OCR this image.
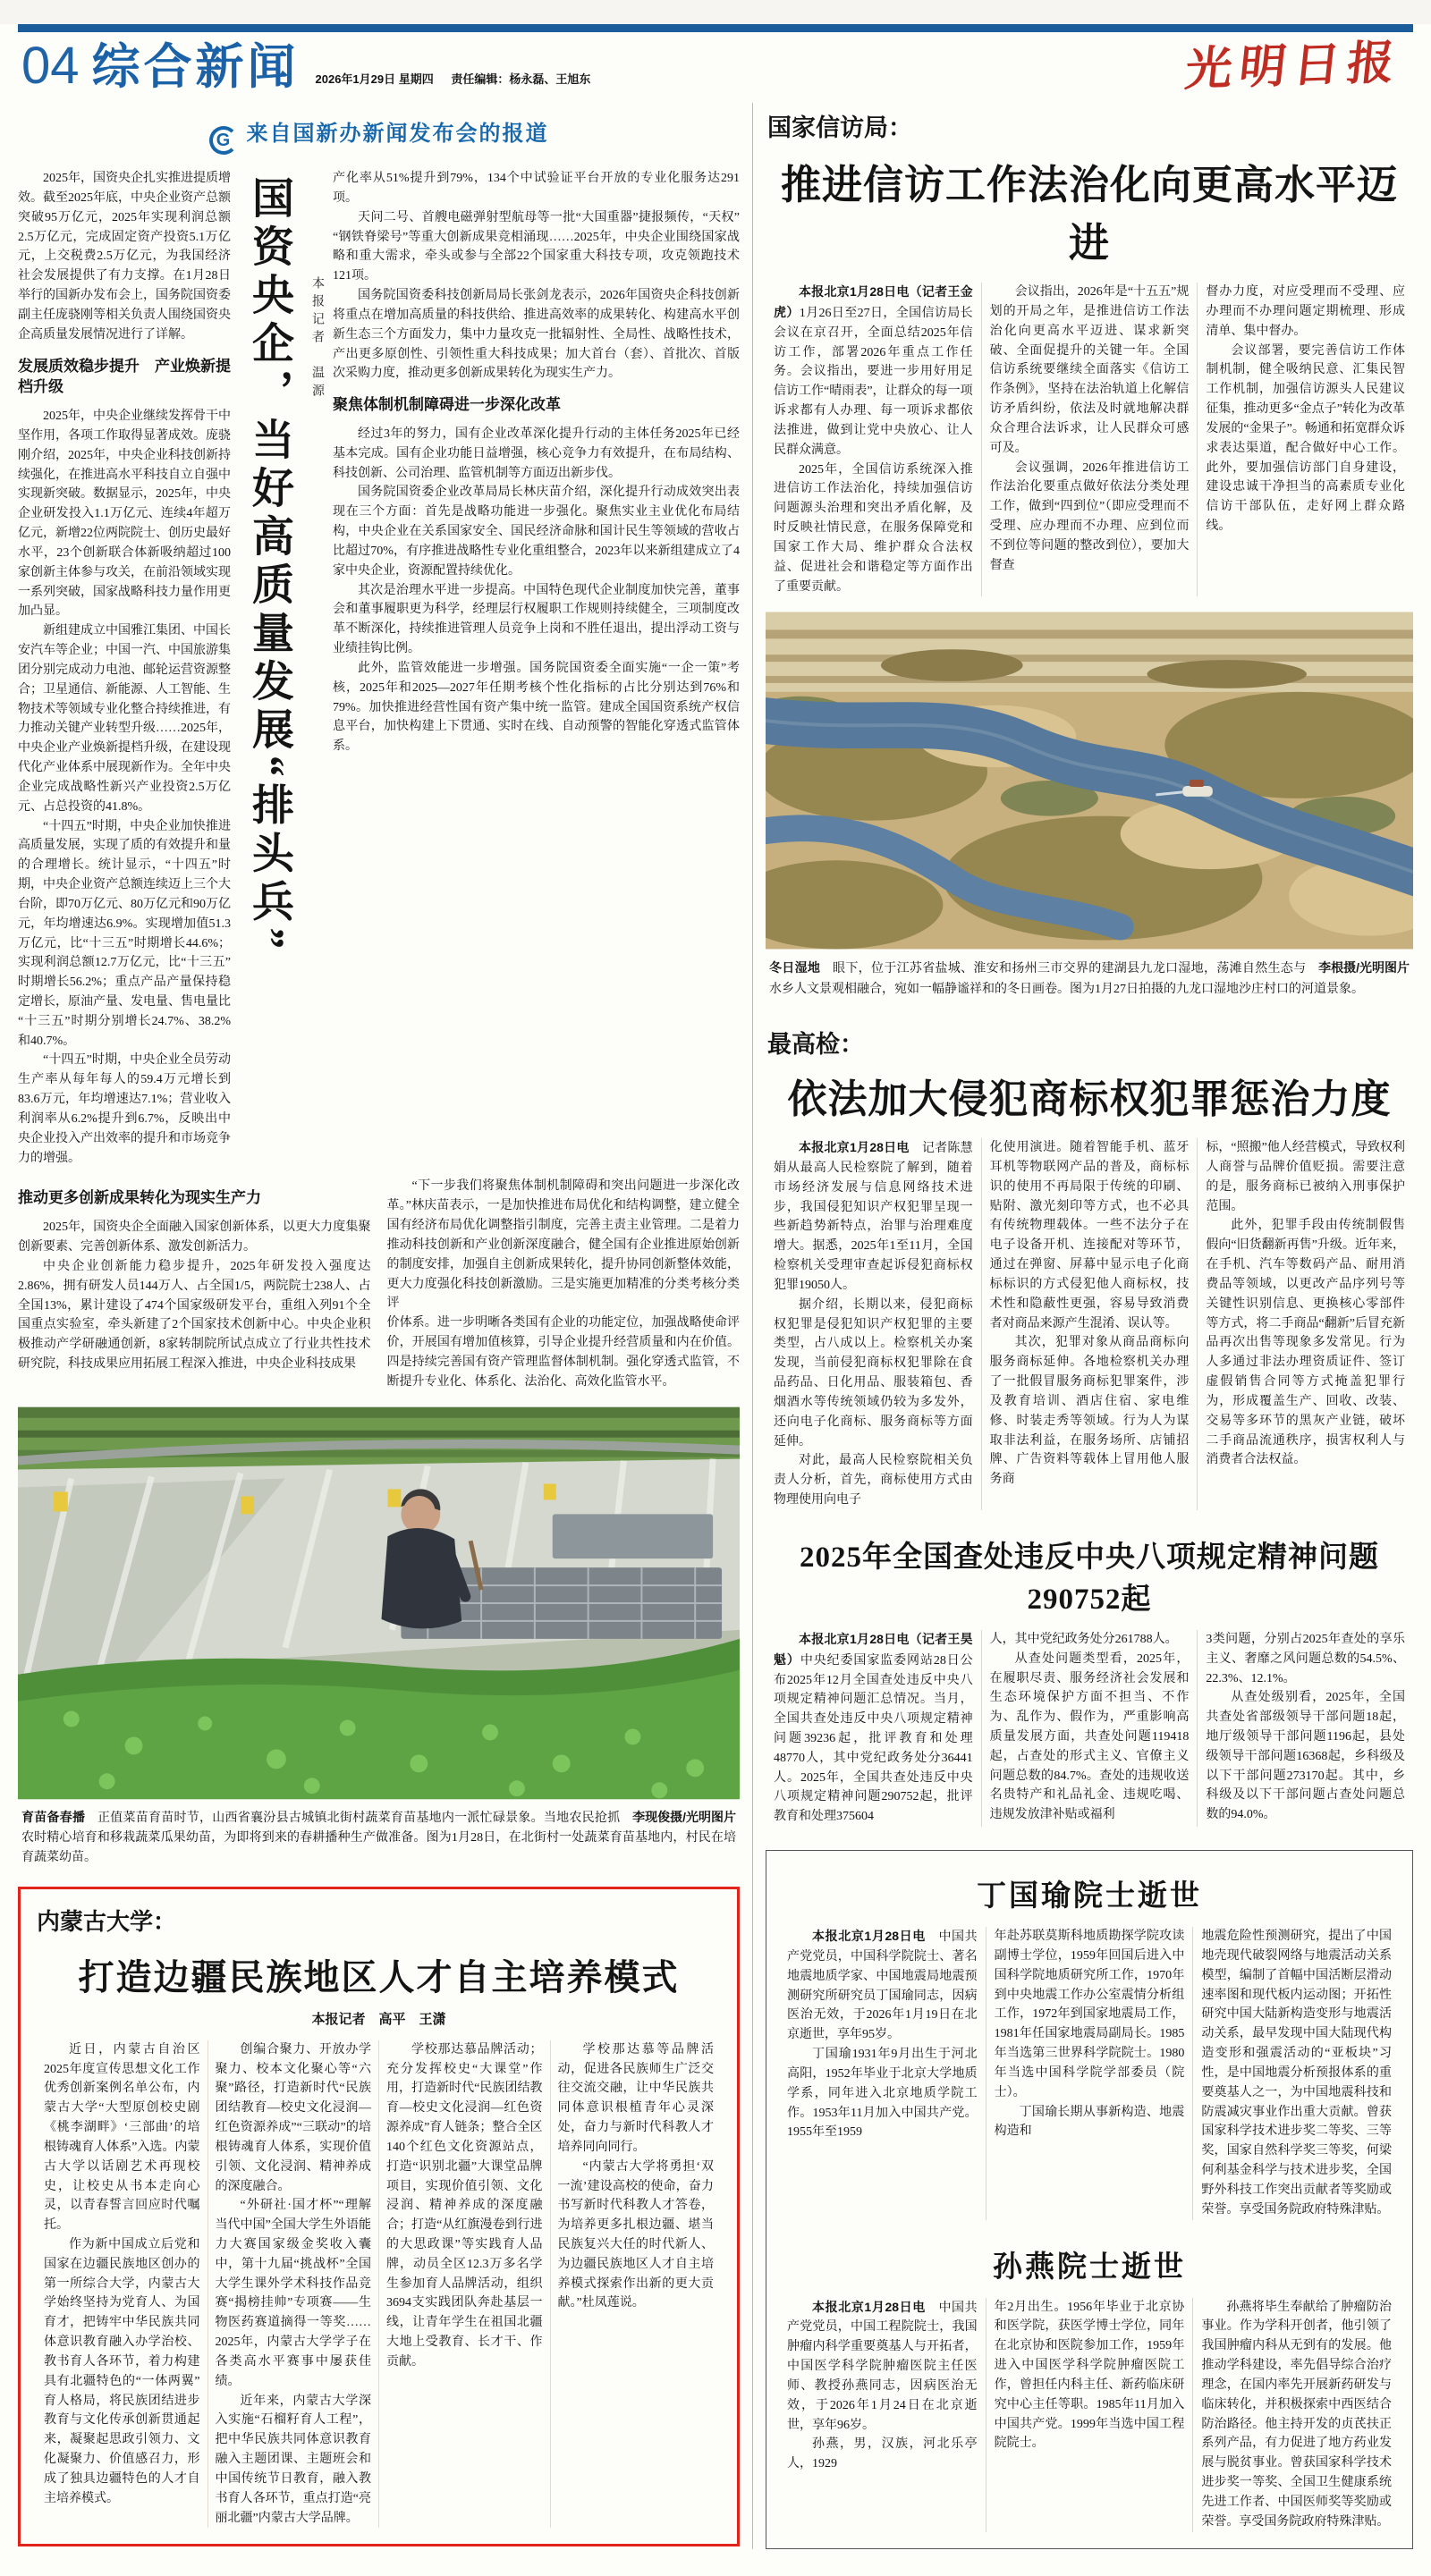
04 综合新闻 2026年1月29日 星期四 责任编辑：杨永磊、王旭东	光明日报
G 来自国新办新闻发布会的报道

2025年，国资央企扎实推进提质增效。截至2025年底，中央企业资产总额突破95万亿元，2025年实现利润总额2.5万亿元，完成固定资产投资5.1万亿元，上交税费2.5万亿元，为我国经济社会发展提供了有力支撑。在1月28日举行的国新办发布会上，国务院国资委副主任庞骁刚等相关负责人围绕国资央企高质量发展情况进行了详解。

发展质效稳步提升　产业焕新提档升级

2025年，中央企业继续发挥骨干中坚作用，各项工作取得显著成效。庞骁刚介绍，2025年，中央企业科技创新持续强化，在推进高水平科技自立自强中实现新突破。数据显示，2025年，中央企业研发投入1.1万亿元、连续4年超万亿元，新增22位两院院士、创历史最好水平，23个创新联合体新吸纳超过100家创新主体参与攻关，在前沿领域实现一系列突破，国家战略科技力量作用更加凸显。

新组建成立中国雅江集团、中国长安汽车等企业；中国一汽、中国旅游集团分别完成动力电池、邮轮运营资源整合；卫星通信、新能源、人工智能、生物技术等领域专业化整合持续推进，有力推动关键产业转型升级……2025年，中央企业产业焕新提档升级，在建设现代化产业体系中展现新作为。全年中央企业完成战略性新兴产业投资2.5万亿元、占总投资的41.8%。

“十四五”时期，中央企业加快推进高质量发展，实现了质的有效提升和量的合理增长。统计显示，“十四五”时期，中央企业资产总额连续迈上三个大台阶，即70万亿元、80万亿元和90万亿元，年均增速达6.9%。实现增加值51.3万亿元，比“十三五”时期增长44.6%；实现利润总额12.7万亿元，比“十三五”时期增长56.2%；重点产品产量保持稳定增长，原油产量、发电量、售电量比“十三五”时期分别增长24.7%、38.2%和40.7%。

“十四五”时期，中央企业全员劳动生产率从每年每人的59.4万元增长到83.6万元，年均增速达7.1%；营业收入利润率从6.2%提升到6.7%，反映出中央企业投入产出效率的提升和市场竞争力的增强。

国资央企，当好高质量发展“排头兵”	本报记者　温源

产化率从51%提升到79%，134个中试验证平台开放的专业化服务达291项。

天问二号、首艘电磁弹射型航母等一批“大国重器”捷报频传，“天权”“钢铁脊梁号”等重大创新成果竞相涌现……2025年，中央企业围绕国家战略和重大需求，牵头或参与全部22个国家重大科技专项，攻克领跑技术121项。

国务院国资委科技创新局局长张剑龙表示，2026年国资央企科技创新将重点在增加高质量的科技供给、推进高效率的成果转化、构建高水平创新生态三个方面发力，集中力量攻克一批辐射性、全局性、战略性技术，产出更多原创性、引领性重大科技成果；加大首台（套）、首批次、首版次采购力度，推动更多创新成果转化为现实生产力。

聚焦体制机制障碍进一步深化改革

经过3年的努力，国有企业改革深化提升行动的主体任务2025年已经基本完成。国有企业功能日益增强，核心竞争力有效提升，在布局结构、科技创新、公司治理、监管机制等方面迈出新步伐。

国务院国资委企业改革局局长林庆苗介绍，深化提升行动成效突出表现在三个方面：首先是战略功能进一步强化。聚焦实业主业优化布局结构，中央企业在关系国家安全、国民经济命脉和国计民生等领域的营收占比超过70%，有序推进战略性专业化重组整合，2023年以来新组建成立了4家中央企业，资源配置持续优化。

其次是治理水平进一步提高。中国特色现代企业制度加快完善，董事会和董事履职更为科学，经理层行权履职工作规则持续健全，三项制度改革不断深化，持续推进管理人员竞争上岗和不胜任退出，提出浮动工资与业绩挂钩比例。

此外，监管效能进一步增强。国务院国资委全面实施“一企一策”考核，2025年和2025—2027年任期考核个性化指标的占比分别达到76%和79%。加快推进经营性国有资产集中统一监管。建成全国国资系统产权信息平台，加快构建上下贯通、实时在线、自动预警的智能化穿透式监管体系。

推动更多创新成果转化为现实生产力

2025年，国资央企全面融入国家创新体系，以更大力度集聚创新要素、完善创新体系、激发创新活力。

中央企业创新能力稳步提升，2025年研发投入强度达2.86%，拥有研发人员144万人、占全国1/5，两院院士238人、占全国13%，累计建设了474个国家级研发平台，重组入列91个全国重点实验室，牵头新建了2个国家技术创新中心。中央企业积极推动产学研融通创新，8家转制院所试点成立了行业共性技术研究院，科技成果应用拓展工程深入推进，中央企业科技成果

“下一步我们将聚焦体制机制障碍和突出问题进一步深化改革。”林庆苗表示，一是加快推进布局优化和结构调整，建立健全国有经济布局优化调整指引制度，完善主责主业管理。二是着力推动科技创新和产业创新深度融合，健全国有企业推进原始创新的制度安排，加强自主创新成果转化，提升协同创新整体效能，更大力度强化科技创新激励。三是实施更加精准的分类考核分类评

价体系。进一步明晰各类国有企业的功能定位，加强战略使命评价，开展国有增加值核算，引导企业提升经营质量和内在价值。四是持续完善国有资产管理监督体制机制。强化穿透式监管，不断提升专业化、体系化、法治化、高效化监管水平。

李现俊摄/光明图片
育苗备春播 正值菜苗育苗时节，山西省襄汾县古城镇北街村蔬菜育苗基地内一派忙碌景象。当地农民抢抓农时精心培育和移栽蔬菜瓜果幼苗，为即将到来的春耕播种生产做准备。图为1月28日，在北街村一处蔬菜育苗基地内，村民在培育蔬菜幼苗。
内蒙古大学：
打造边疆民族地区人才自主培养模式
本报记者　高平　王潇

近日，内蒙古自治区2025年度宣传思想文化工作优秀创新案例名单公布，内蒙古大学“大型原创校史剧《桃李湖畔》‘三部曲’的培根铸魂育人体系”入选。内蒙古大学以话剧艺术再现校史，让校史从书本走向心灵，以青春誓言回应时代嘱托。

作为新中国成立后党和国家在边疆民族地区创办的第一所综合大学，内蒙古大学始终坚持为党育人、为国育才，把铸牢中华民族共同体意识教育融入办学治校、教书育人各环节，着力构建具有北疆特色的“一体两翼”育人格局，将民族团结进步教育与文化传承创新贯通起来，凝聚起思政引领力、文化凝聚力、价值感召力，形成了独具边疆特色的人才自主培养模式。

创编合聚力、开放办学聚力、校本文化聚心等“六聚”路径，打造新时代“民族团结教育—校史文化浸润—红色资源养成”“三联动”的培根铸魂育人体系，实现价值引领、文化浸润、精神养成的深度融合。

“外研社·国才杯”“理解当代中国”全国大学生外语能力大赛国家级金奖收入囊中，第十九届“挑战杯”全国大学生课外学术科技作品竞赛“揭榜挂帅”专项赛——生物医药赛道摘得一等奖……2025年，内蒙古大学学子在各类高水平赛事中屡获佳绩。

近年来，内蒙古大学深入实施“石榴籽育人工程”，把中华民族共同体意识教育融入主题团课、主题班会和中国传统节日教育，融入教书育人各环节，重点打造“亮丽北疆”内蒙古大学品牌。

学校那达慕品牌活动；充分发挥校史“大课堂”作用，打造新时代“民族团结教育—校史文化浸润—红色资源养成”育人链条；整合全区140个红色文化资源站点，打造“识别北疆”大课堂品牌项目，实现价值引领、文化浸润、精神养成的深度融合；打造“从红旗漫卷到行进的大思政课”等实践育人品牌，动员全区12.3万多名学生参加育人品牌活动，组织3694支实践团队奔赴基层一线，让青年学生在祖国北疆大地上受教育、长才干、作贡献。

学校那达慕等品牌活动，促进各民族师生广泛交往交流交融，让中华民族共同体意识根植青年心灵深处，奋力与新时代科教人才培养同向同行。

“内蒙古大学将勇担‘双一流’建设高校的使命，奋力书写新时代科教人才答卷，为培养更多扎根边疆、堪当民族复兴大任的时代新人、为边疆民族地区人才自主培养模式探索作出新的更大贡献。”杜凤莲说。

国家信访局：
推进信访工作法治化向更高水平迈进

本报北京1月28日电（记者王金虎）1月26日至27日，全国信访局长会议在京召开，全面总结2025年信访工作，部署2026年重点工作任务。会议指出，要进一步用好用足信访工作“晴雨表”，让群众的每一项诉求都有人办理、每一项诉求都依法推进，做到让党中央放心、让人民群众满意。

2025年，全国信访系统深入推进信访工作法治化，持续加强信访问题源头治理和突出矛盾化解，及时反映社情民意，在服务保障党和国家工作大局、维护群众合法权益、促进社会和谐稳定等方面作出了重要贡献。

会议指出，2026年是“十五五”规划的开局之年，是推进信访工作法治化向更高水平迈进、谋求新突破、全面促提升的关键一年。全国信访系统要继续全面落实《信访工作条例》，坚持在法治轨道上化解信访矛盾纠纷，依法及时就地解决群众合理合法诉求，让人民群众可感可及。

会议强调，2026年推进信访工作法治化要重点做好依法分类处理工作，做到“四到位”（即应受理而不受理、应办理而不办理、应到位而不到位等问题的整改到位），要加大督查

督办力度，对应受理而不受理、应办理而不办理问题定期梳理、形成清单、集中督办。

会议部署，要完善信访工作体制机制，健全吸纳民意、汇集民智工作机制，加强信访源头人民建议征集，推动更多“金点子”转化为改革发展的“金果子”。畅通和拓宽群众诉求表达渠道，配合做好中心工作。此外，要加强信访部门自身建设，建设忠诚干净担当的高素质专业化信访干部队伍，走好网上群众路线。

李根摄/光明图片
冬日湿地 眼下，位于江苏省盐城、淮安和扬州三市交界的建湖县九龙口湿地，荡滩自然生态与水乡人文景观相融合，宛如一幅静谧祥和的冬日画卷。图为1月27日拍摄的九龙口湿地沙庄村口的河道景象。
最高检：
依法加大侵犯商标权犯罪惩治力度

本报北京1月28日电　记者陈慧娟从最高人民检察院了解到，随着市场经济发展与信息网络技术进步，我国侵犯知识产权犯罪呈现一些新趋势新特点，治罪与治理难度增大。据悉，2025年1至11月，全国检察机关受理审查起诉侵犯商标权犯罪19050人。

据介绍，长期以来，侵犯商标权犯罪是侵犯知识产权犯罪的主要类型，占八成以上。检察机关办案发现，当前侵犯商标权犯罪除在食品药品、日化用品、服装箱包、香烟酒水等传统领域仍较为多发外，还向电子化商标、服务商标等方面延伸。

对此，最高人民检察院相关负责人分析，首先，商标使用方式由物理使用向电子

化使用演进。随着智能手机、蓝牙耳机等物联网产品的普及，商标标识的使用不再局限于传统的印刷、贴附、激光刻印等方式，也不必具有传统物理载体。一些不法分子在电子设备开机、连接配对等环节，通过在弹窗、屏幕中显示电子化商标标识的方式侵犯他人商标权，技术性和隐蔽性更强，容易导致消费者对商品来源产生混淆、误认等。

其次，犯罪对象从商品商标向服务商标延伸。各地检察机关办理了一批假冒服务商标犯罪案件，涉及教育培训、酒店住宿、家电维修、时装走秀等领域。行为人为谋取非法利益，在服务场所、店铺招牌、广告资料等载体上冒用他人服务商

标，“照搬”他人经营模式，导致权利人商誉与品牌价值贬损。需要注意的是，服务商标已被纳入刑事保护范围。

此外，犯罪手段由传统制假售假向“旧货翻新再售”升级。近年来，在手机、汽车等数码产品、耐用消费品等领域，以更改产品序列号等关键性识别信息、更换核心零部件等方式，将二手商品“翻新”后冒充新品再次出售等现象多发常见。行为人多通过非法办理资质证件、签订虚假销售合同等方式掩盖犯罪行为，形成覆盖生产、回收、改装、交易等多环节的黑灰产业链，破坏二手商品流通秩序，损害权利人与消费者合法权益。

2025年全国查处违反中央八项规定精神问题290752起

本报北京1月28日电（记者王昊魁）中央纪委国家监委网站28日公布2025年12月全国查处违反中央八项规定精神问题汇总情况。当月，全国共查处违反中央八项规定精神问题39236起，批评教育和处理48770人，其中党纪政务处分36441人。2025年，全国共查处违反中央八项规定精神问题290752起，批评教育和处理375604

人，其中党纪政务处分261788人。

从查处问题类型看，2025年，在履职尽责、服务经济社会发展和生态环境保护方面不担当、不作为、乱作为、假作为，严重影响高质量发展方面，共查处问题119418起，占查处的形式主义、官僚主义问题总数的84.7%。查处的违规收送名贵特产和礼品礼金、违规吃喝、违规发放津补贴或福利

3类问题，分别占2025年查处的享乐主义、奢靡之风问题总数的54.5%、22.3%、12.1%。

从查处级别看，2025年，全国共查处省部级领导干部问题18起，地厅级领导干部问题1196起，县处级领导干部问题16368起，乡科级及以下干部问题273170起。其中，乡科级及以下干部问题占查处问题总数的94.0%。

丁国瑜院士逝世

本报北京1月28日电　中国共产党党员，中国科学院院士、著名地震地质学家、中国地震局地震预测研究所研究员丁国瑜同志，因病医治无效，于2026年1月19日在北京逝世，享年95岁。

丁国瑜1931年9月出生于河北高阳，1952年毕业于北京大学地质学系，同年进入北京地质学院工作。1953年11月加入中国共产党。1955年至1959

年赴苏联莫斯科地质勘探学院攻读副博士学位，1959年回国后进入中国科学院地质研究所工作，1970年到中央地震工作办公室震情分析组工作，1972年到国家地震局工作，1981年任国家地震局副局长。1985年当选第三世界科学院院士。1980年当选中国科学院学部委员（院士）。

丁国瑜长期从事新构造、地震构造和

地震危险性预测研究，提出了中国地壳现代破裂网络与地震活动关系模型，编制了首幅中国活断层滑动速率图和现代板内运动图；开拓性研究中国大陆新构造变形与地震活动关系，最早发现中国大陆现代构造变形和强震活动的“亚板块”习性，是中国地震分析预报体系的重要奠基人之一，为中国地震科技和防震减灾事业作出重大贡献。曾获国家科学技术进步奖二等奖、三等奖，国家自然科学奖三等奖，何梁何利基金科学与技术进步奖，全国野外科技工作突出贡献者等奖励或荣誉。享受国务院政府特殊津贴。

孙燕院士逝世

本报北京1月28日电　中国共产党党员，中国工程院院士，我国肿瘤内科学重要奠基人与开拓者，中国医学科学院肿瘤医院主任医师、教授孙燕同志，因病医治无效，于2026年1月24日在北京逝世，享年96岁。

孙燕，男，汉族，河北乐亭人，1929

年2月出生。1956年毕业于北京协和医学院，获医学博士学位，同年在北京协和医院参加工作，1959年进入中国医学科学院肿瘤医院工作，曾担任内科主任、新药临床研究中心主任等职。1985年11月加入中国共产党。1999年当选中国工程院院士。

孙燕将毕生奉献给了肿瘤防治事业。作为学科开创者，他引领了我国肿瘤内科从无到有的发展。他推动学科建设，率先倡导综合治疗理念，在国内率先开展新药研发与临床转化，并积极探索中西医结合防治路径。他主持开发的贞芪扶正系列产品，有力促进了地方药业发展与脱贫事业。曾获国家科学技术进步奖一等奖、全国卫生健康系统先进工作者、中国医师奖等奖励或荣誉。享受国务院政府特殊津贴。
